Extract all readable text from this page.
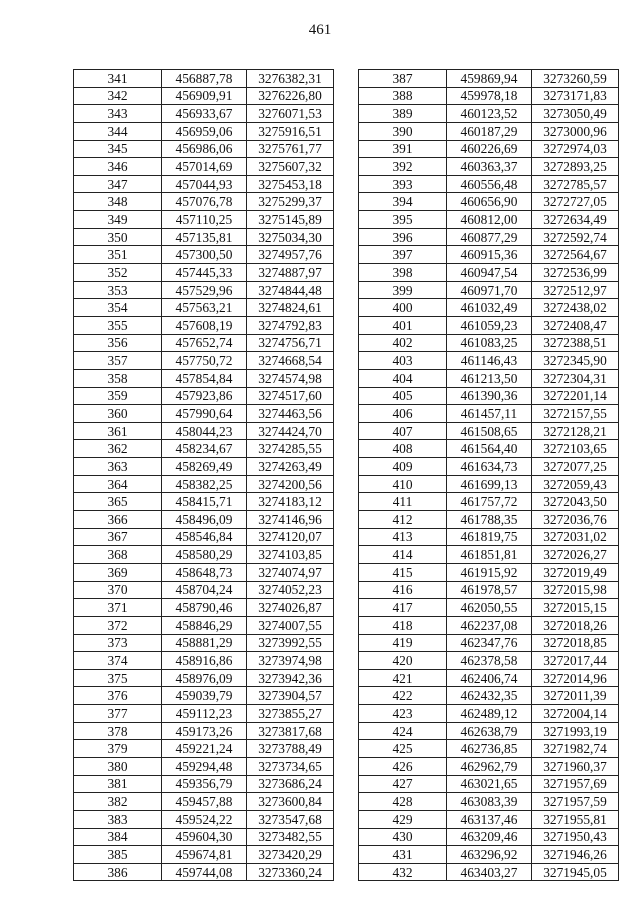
461
341	456887,78	3276382,31
342	456909,91	3276226,80
343	456933,67	3276071,53
344	456959,06	3275916,51
345	456986,06	3275761,77
346	457014,69	3275607,32
347	457044,93	3275453,18
348	457076,78	3275299,37
349	457110,25	3275145,89
350	457135,81	3275034,30
351	457300,50	3274957,76
352	457445,33	3274887,97
353	457529,96	3274844,48
354	457563,21	3274824,61
355	457608,19	3274792,83
356	457652,74	3274756,71
357	457750,72	3274668,54
358	457854,84	3274574,98
359	457923,86	3274517,60
360	457990,64	3274463,56
361	458044,23	3274424,70
362	458234,67	3274285,55
363	458269,49	3274263,49
364	458382,25	3274200,56
365	458415,71	3274183,12
366	458496,09	3274146,96
367	458546,84	3274120,07
368	458580,29	3274103,85
369	458648,73	3274074,97
370	458704,24	3274052,23
371	458790,46	3274026,87
372	458846,29	3274007,55
373	458881,29	3273992,55
374	458916,86	3273974,98
375	458976,09	3273942,36
376	459039,79	3273904,57
377	459112,23	3273855,27
378	459173,26	3273817,68
379	459221,24	3273788,49
380	459294,48	3273734,65
381	459356,79	3273686,24
382	459457,88	3273600,84
383	459524,22	3273547,68
384	459604,30	3273482,55
385	459674,81	3273420,29
386	459744,08	3273360,24
387	459869,94	3273260,59
388	459978,18	3273171,83
389	460123,52	3273050,49
390	460187,29	3273000,96
391	460226,69	3272974,03
392	460363,37	3272893,25
393	460556,48	3272785,57
394	460656,90	3272727,05
395	460812,00	3272634,49
396	460877,29	3272592,74
397	460915,36	3272564,67
398	460947,54	3272536,99
399	460971,70	3272512,97
400	461032,49	3272438,02
401	461059,23	3272408,47
402	461083,25	3272388,51
403	461146,43	3272345,90
404	461213,50	3272304,31
405	461390,36	3272201,14
406	461457,11	3272157,55
407	461508,65	3272128,21
408	461564,40	3272103,65
409	461634,73	3272077,25
410	461699,13	3272059,43
411	461757,72	3272043,50
412	461788,35	3272036,76
413	461819,75	3272031,02
414	461851,81	3272026,27
415	461915,92	3272019,49
416	461978,57	3272015,98
417	462050,55	3272015,15
418	462237,08	3272018,26
419	462347,76	3272018,85
420	462378,58	3272017,44
421	462406,74	3272014,96
422	462432,35	3272011,39
423	462489,12	3272004,14
424	462638,79	3271993,19
425	462736,85	3271982,74
426	462962,79	3271960,37
427	463021,65	3271957,69
428	463083,39	3271957,59
429	463137,46	3271955,81
430	463209,46	3271950,43
431	463296,92	3271946,26
432	463403,27	3271945,05
